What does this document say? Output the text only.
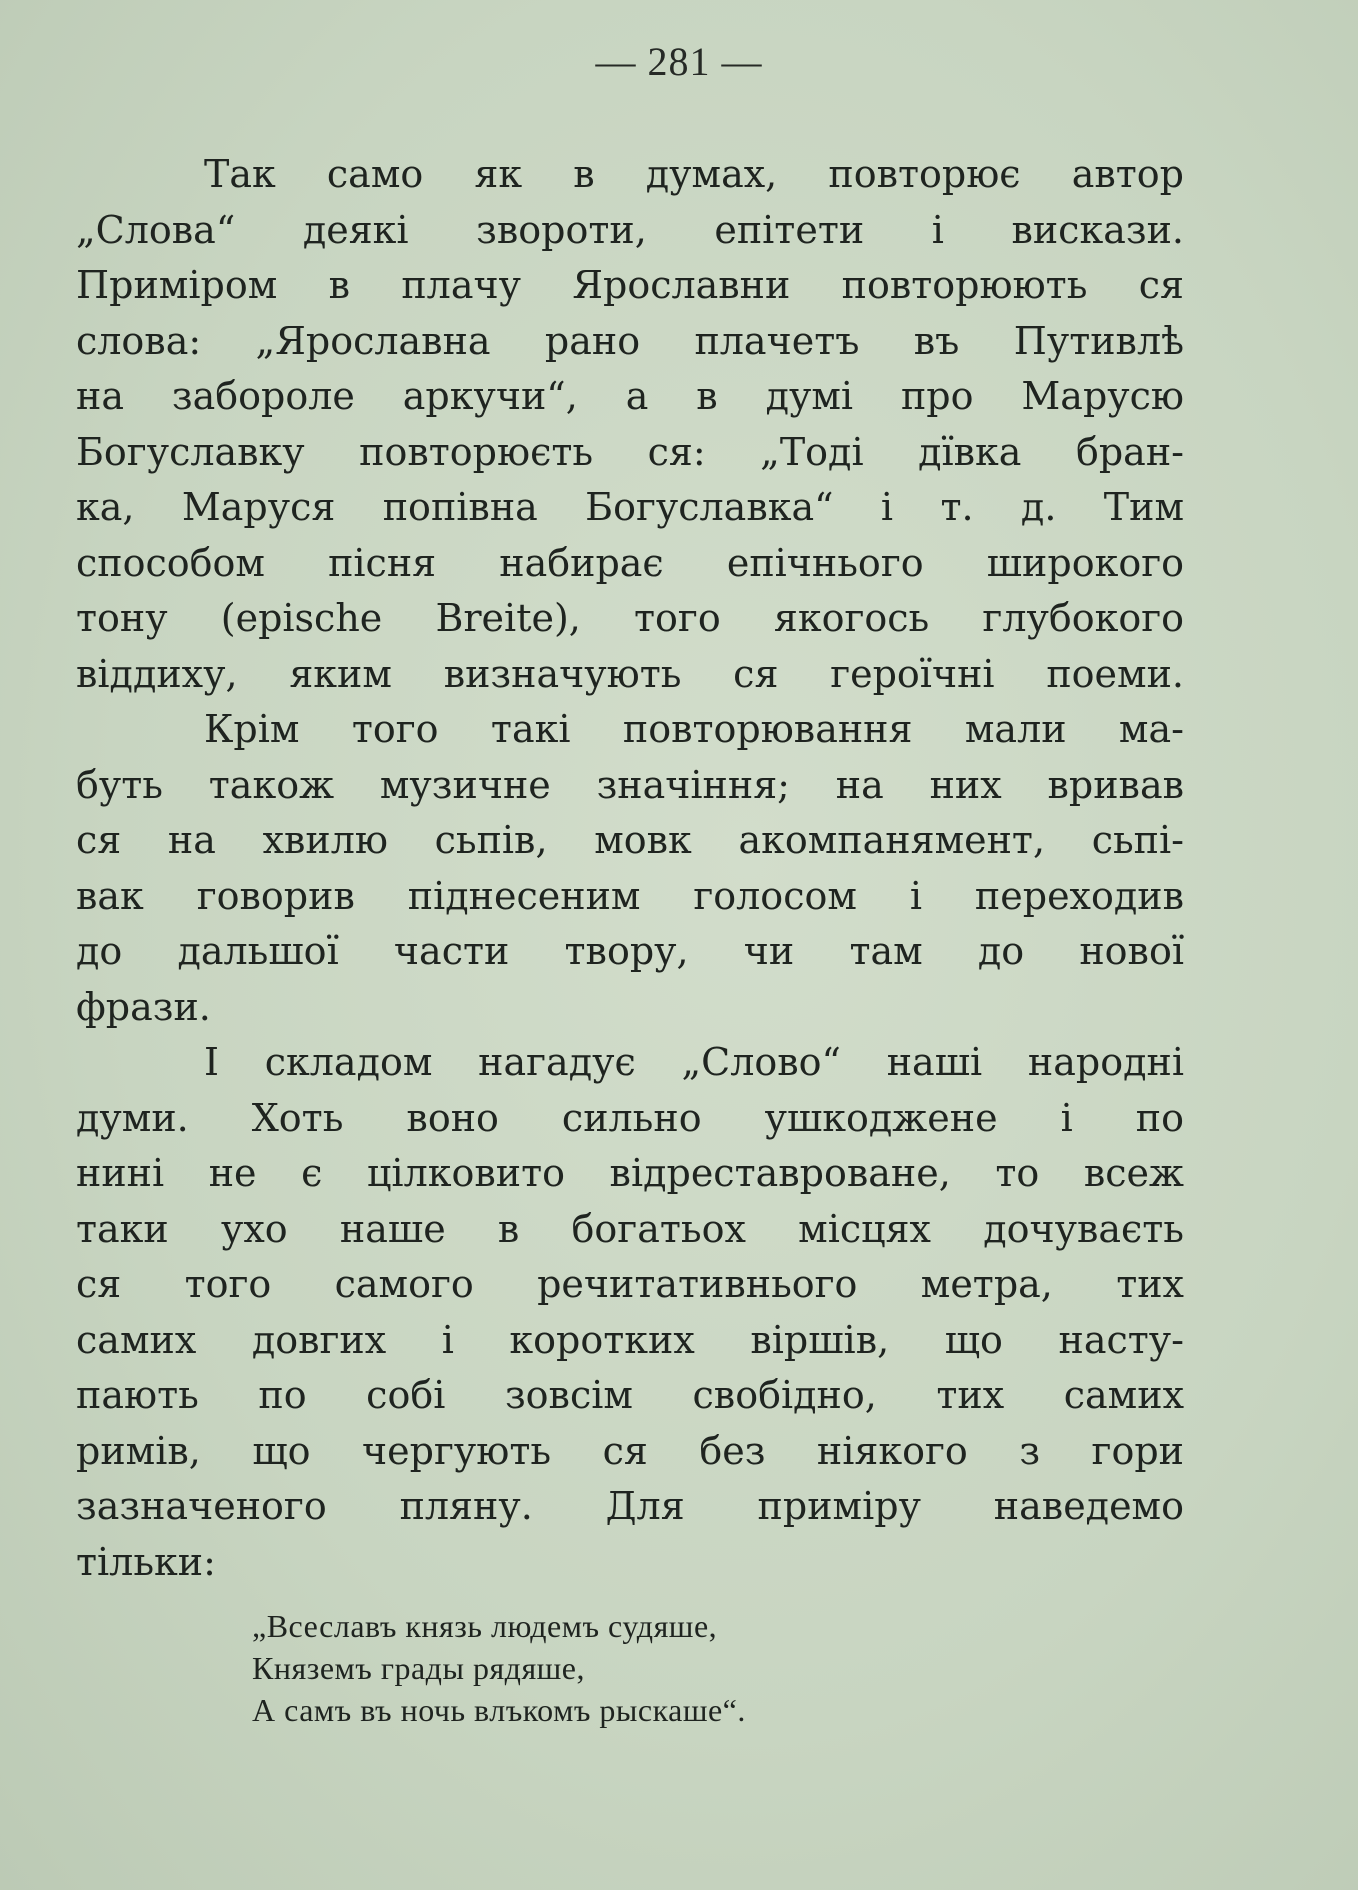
— 281 —
Так само як в думах, повторює автор
„Слова“ деякі звороти, епітети і вискази.
Приміром в плачу Ярославни повторюють ся
слова: „Ярославна рано плачетъ въ Путивлѣ
на забороле аркучи“, а в думі про Марусю
Богуславку повторюєть ся: „Тоді дївка бран-
ка, Маруся попівна Богуславка“ і т. д. Тим
способом пісня набирає епічнього широкого
тону (epische Breite), того якогось глубокого
віддиху, яким визначують ся героїчні поеми.
Крім того такі повторювання мали ма-
буть також музичне значіння; на них вривав
ся на хвилю сьпів, мовк акомпанямент, сьпі-
вак говорив піднесеним голосом і переходив
до дальшої части твору, чи там до нової
фрази.
І складом нагадує „Слово“ наші народні
думи. Хоть воно сильно ушкоджене і по
нині не є цілковито відреставроване, то всеж
таки ухо наше в богатьох місцях дочуваєть
ся того самого речитативнього метра, тих
самих довгих і коротких віршів, що насту-
пають по собі зовсім свобідно, тих самих
римів, що чергують ся без ніякого з гори
зазначеного пляну. Для приміру наведемо
тільки:
„Всеславъ князь людемъ судяше,
Княземъ грады рядяше,
А самъ въ ночь влъкомъ рыскаше“.
